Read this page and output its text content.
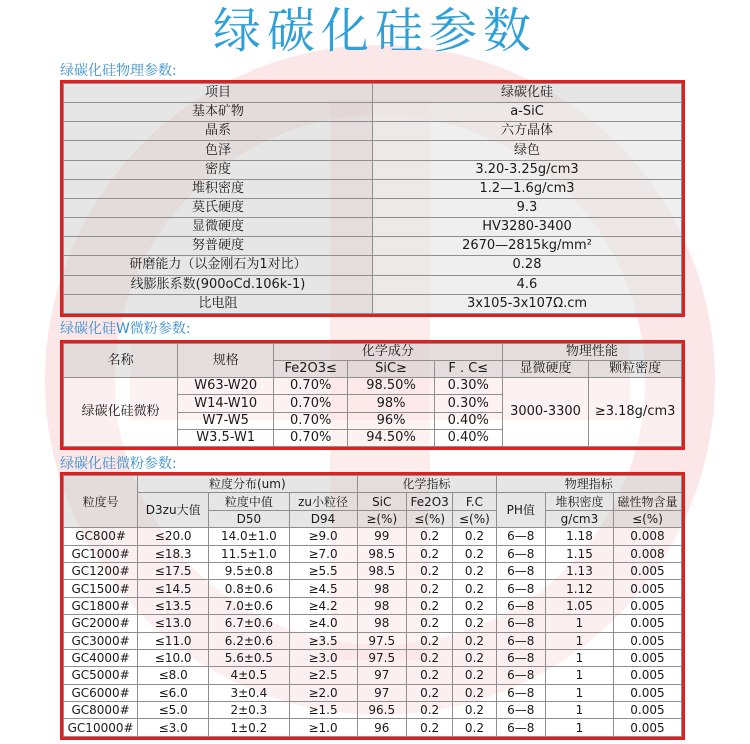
绿碳化硅参数
绿碳化硅物理参数:
项目	绿碳化硅
基本矿物	a-SiC
晶系	六方晶体
色泽	绿色
密度	3.20-3.25g/cm3
堆积密度	1.2—1.6g/cm3
莫氏硬度	9.3
显微硬度	HV3280-3400
努普硬度	2670—2815kg/mm²
研磨能力（以金刚石为1对比）	0.28
线膨胀系数(900oCd.106k-1)	4.6
比电阻	3x105-3x107Ω.cm
绿碳化硅W微粉参数:
名称	规格	化学成分			物理性能	
		Fe2O3≤	SiC≥	F . C≤	显微硬度	颗粒密度
绿碳化硅微粉	W63-W20	0.70%	98.50%	0.30%	3000-3300	≥3.18g/cm3
	W14-W10	0.70%	98%	0.30%		
	W7-W5	0.70%	96%	0.40%		
	W3.5-W1	0.70%	94.50%	0.40%		
绿碳化硅微粉参数:
粒度号	粒度分布(um)			化学指标			物理指标		
	D3zu大值	粒度中值	zu小粒径	SiC	Fe2O3	F.C	PH值	堆积密度	磁性物含量
		D50	D94	≥(%)	≤(%)	≤(%)		g/cm3	≤(%)
GC800#	≤20.0	14.0±1.0	≥9.0	99	0.2	0.2	6—8	1.18	0.008
GC1000#	≤18.3	11.5±1.0	≥7.0	98.5	0.2	0.2	6—8	1.15	0.008
GC1200#	≤17.5	9.5±0.8	≥5.5	98.5	0.2	0.2	6—8	1.13	0.005
GC1500#	≤14.5	0.8±0.6	≥4.5	98	0.2	0.2	6—8	1.12	0.005
GC1800#	≤13.5	7.0±0.6	≥4.2	98	0.2	0.2	6—8	1.05	0.005
GC2000#	≤13.0	6.7±0.6	≥4.0	98	0.2	0.2	6—8	1	0.005
GC3000#	≤11.0	6.2±0.6	≥3.5	97.5	0.2	0.2	6—8	1	0.005
GC4000#	≤10.0	5.6±0.5	≥3.0	97.5	0.2	0.2	6—8	1	0.005
GC5000#	≤8.0	4±0.5	≥2.5	97	0.2	0.2	6—8	1	0.005
GC6000#	≤6.0	3±0.4	≥2.0	97	0.2	0.2	6—8	1	0.005
GC8000#	≤5.0	2±0.3	≥1.5	96.5	0.2	0.2	6—8	1	0.005
GC10000#	≤3.0	1±0.2	≥1.0	96	0.2	0.2	6—8	1	0.005
